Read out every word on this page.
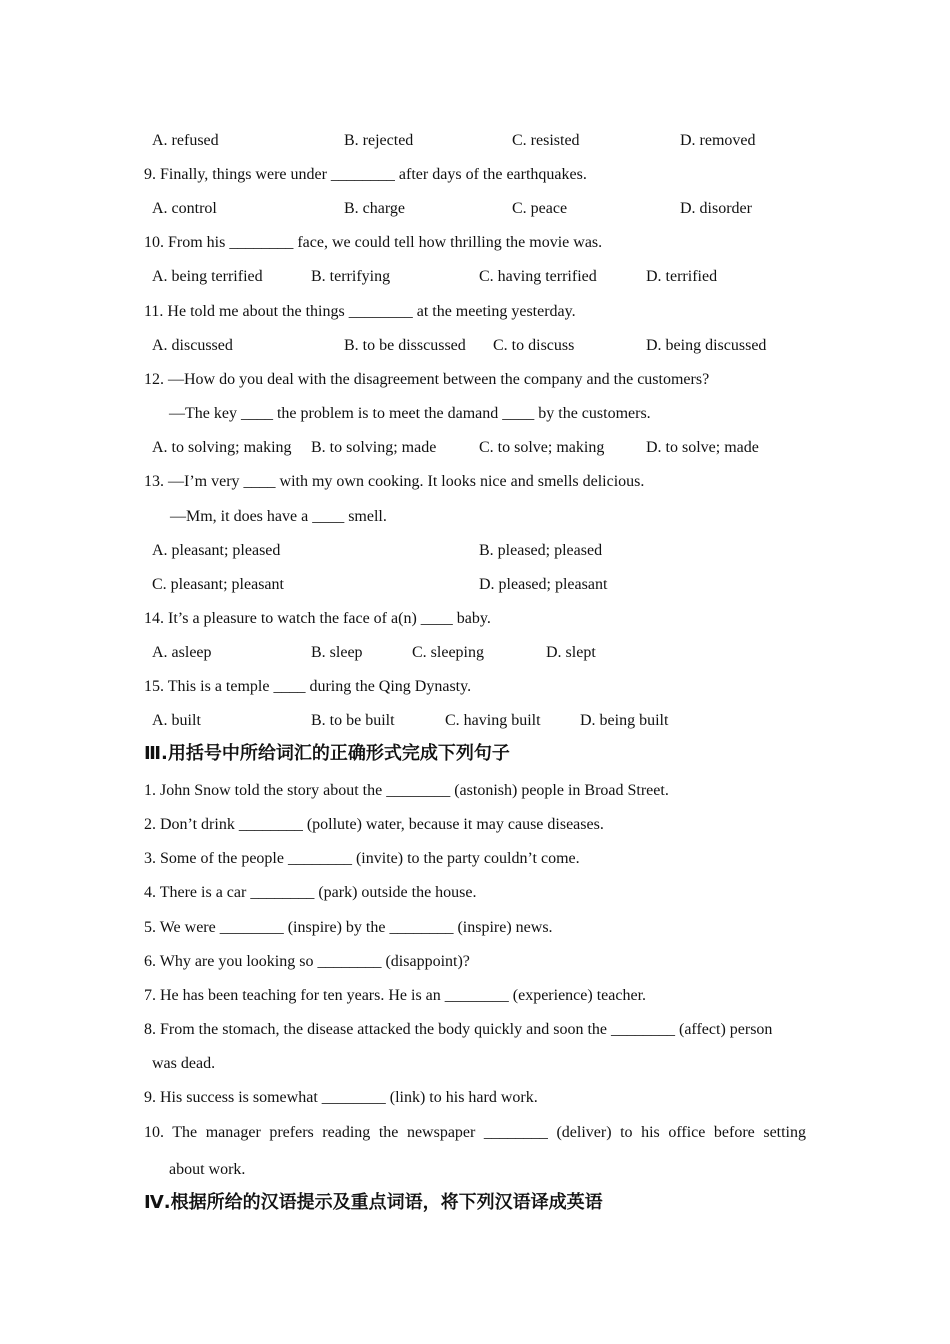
A. refused	B. rejected	C. resisted	D. removed
9. Finally, things were under ________ after days of the earthquakes.
A. control	B. charge	C. peace	D. disorder
10. From his ________ face, we could tell how thrilling the movie was.
A. being terrified	B. terrifying	C. having terrified	D. terrified
11. He told me about the things ________ at the meeting yesterday.
A. discussed	B. to be disscussed C. to discuss	D. being discussed
12. —How do you deal with the disagreement between the company and the customers?
—The key ____ the problem is to meet the damand ____ by the customers.
A. to solving; making B. to solving; made	C. to solve; making	D. to solve; made
13. —I’m very ____ with my own cooking. It looks nice and smells delicious.
—Mm, it does have a ____ smell.
A. pleasant; pleased	B. pleased; pleased
C. pleasant; pleasant	D. pleased; pleasant
14. It’s a pleasure to watch the face of a(n) ____ baby.
A. asleep	B. sleep	C. sleeping	D. slept
15. This is a temple ____ during the Qing Dynasty.
A. built	B. to be built	C. having built D. being built
Ⅲ.用括号中所给词汇的正确形式完成下列句子
1. John Snow told the story about the ________ (astonish) people in Broad Street.
2. Don’t drink ________ (pollute) water, because it may cause diseases.
3. Some of the people ________ (invite) to the party couldn’t come.
4. There is a car ________ (park) outside the house.
5. We were ________ (inspire) by the ________ (inspire) news.
6. Why are you looking so ________ (disappoint)?
7. He has been teaching for ten years. He is an ________ (experience) teacher.
8. From the stomach, the disease attacked the body quickly and soon the ________ (affect) person
was dead.
9. His success is somewhat ________ (link) to his hard work.
10. The manager prefers reading the newspaper ________ (deliver) to his office before setting
about work.
Ⅳ.根据所给的汉语提示及重点词语，将下列汉语译成英语
